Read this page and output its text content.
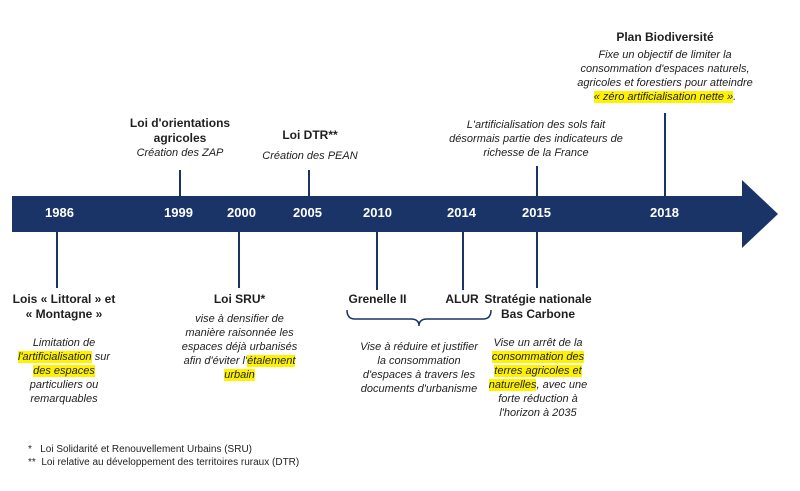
1986	1999	2000	2005	2010	2014	2015	2018
Loi d'orientations
agricoles
Création des ZAP
Loi DTR**
Création des PEAN
L'artificialisation des sols fait
désormais partie des indicateurs de
richesse de la France
Plan Biodiversité
Fixe un objectif de limiter la
consommation d'espaces naturels,
agricoles et forestiers pour atteindre
« zéro artificialisation nette ».
Lois « Littoral » et
« Montagne »
Limitation de
l'artificialisation sur
des espaces
particuliers ou
remarquables
Loi SRU*
vise à densifier de
manière raisonnée les
espaces déjà urbanisés
afin d'éviter l'étalement
urbain
Grenelle II	ALUR
Vise à réduire et justifier
la consommation
d'espaces à travers les
documents d'urbanisme
Stratégie nationale
Bas Carbone
Vise un arrêt de la
consommation des
terres agricoles et
naturelles, avec une
forte réduction à
l'horizon à 2035
*   Loi Solidarité et Renouvellement Urbains (SRU)
**  Loi relative au développement des territoires ruraux (DTR)
